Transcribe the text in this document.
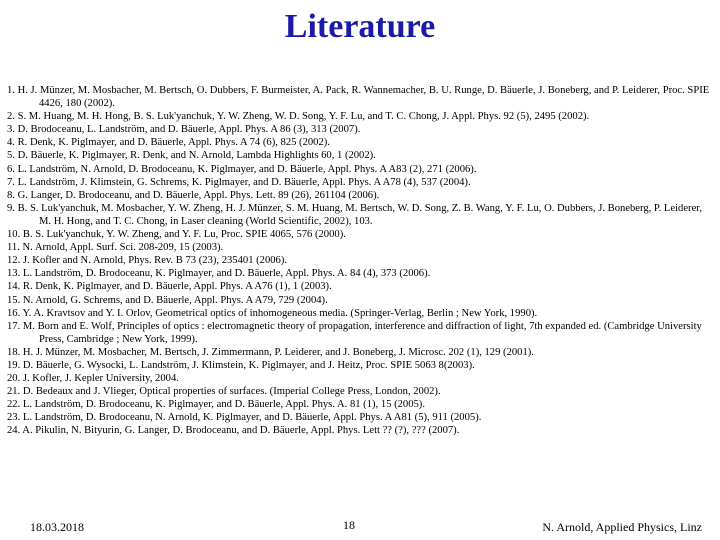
Literature
1. H. J. Münzer, M. Mosbacher, M. Bertsch, O. Dubbers, F. Burmeister, A. Pack, R. Wannemacher, B. U. Runge, D. Bäuerle, J. Boneberg, and P. Leiderer, Proc. SPIE 4426, 180 (2002).
2. S. M. Huang, M. H. Hong, B. S. Luk'yanchuk, Y. W. Zheng, W. D. Song, Y. F. Lu, and T. C. Chong, J. Appl. Phys. 92 (5), 2495 (2002).
3. D. Brodoceanu, L. Landström, and D. Bäuerle, Appl. Phys. A 86 (3), 313 (2007).
4. R. Denk, K. Piglmayer, and D. Bäuerle, Appl. Phys. A 74 (6), 825 (2002).
5. D. Bäuerle, K. Piglmayer, R. Denk, and N. Arnold, Lambda Highlights 60, 1 (2002).
6. L. Landström, N. Arnold, D. Brodoceanu, K. Piglmayer, and D. Bäuerle, Appl. Phys. A A83 (2), 271 (2006).
7. L. Landström, J. Klimstein, G. Schrems, K. Piglmayer, and D. Bäuerle, Appl. Phys. A A78 (4), 537 (2004).
8. G. Langer, D. Brodoceanu, and D. Bäuerle, Appl. Phys. Lett. 89 (26), 261104 (2006).
9. B. S. Luk'yanchuk, M. Mosbacher, Y. W. Zheng, H. J. Münzer, S. M. Huang, M. Bertsch, W. D. Song, Z. B. Wang, Y. F. Lu, O. Dubbers, J. Boneberg, P. Leiderer, M. H. Hong, and T. C. Chong, in Laser cleaning (World Scientific, 2002), 103.
10. B. S. Luk'yanchuk, Y. W. Zheng, and Y. F. Lu, Proc. SPIE 4065, 576 (2000).
11. N. Arnold, Appl. Surf. Sci. 208-209, 15 (2003).
12. J. Kofler and N. Arnold, Phys. Rev. B 73 (23), 235401 (2006).
13. L. Landström, D. Brodoceanu, K. Piglmayer, and D. Bäuerle, Appl. Phys. A. 84 (4), 373 (2006).
14. R. Denk, K. Piglmayer, and D. Bäuerle, Appl. Phys. A A76 (1), 1 (2003).
15. N. Arnold, G. Schrems, and D. Bäuerle, Appl. Phys. A A79, 729 (2004).
16. Y. A. Kravtsov and Y. I. Orlov, Geometrical optics of inhomogeneous media. (Springer-Verlag, Berlin ; New York, 1990).
17. M. Born and E. Wolf, Principles of optics : electromagnetic theory of propagation, interference and diffraction of light, 7th expanded ed. (Cambridge University Press, Cambridge ; New York, 1999).
18. H. J. Münzer, M. Mosbacher, M. Bertsch, J. Zimmermann, P. Leiderer, and J. Boneberg, J. Microsc. 202 (1), 129 (2001).
19. D. Bäuerle, G. Wysocki, L. Landström, J. Klimstein, K. Piglmayer, and J. Heitz, Proc. SPIE 5063 8(2003).
20. J. Kofler, J. Kepler University, 2004.
21. D. Bedeaux and J. Vlieger, Optical properties of surfaces. (Imperial College Press, London, 2002).
22. L. Landström, D. Brodoceanu, K. Piglmayer, and D. Bäuerle, Appl. Phys. A. 81 (1), 15 (2005).
23. L. Landström, D. Brodoceanu, N. Arnold, K. Piglmayer, and D. Bäuerle, Appl. Phys. A A81 (5), 911 (2005).
24. A. Pikulin, N. Bityurin, G. Langer, D. Brodoceanu, and D. Bäuerle, Appl. Phys. Lett ?? (?), ??? (2007).
18.03.2018	18	N. Arnold, Applied Physics, Linz
